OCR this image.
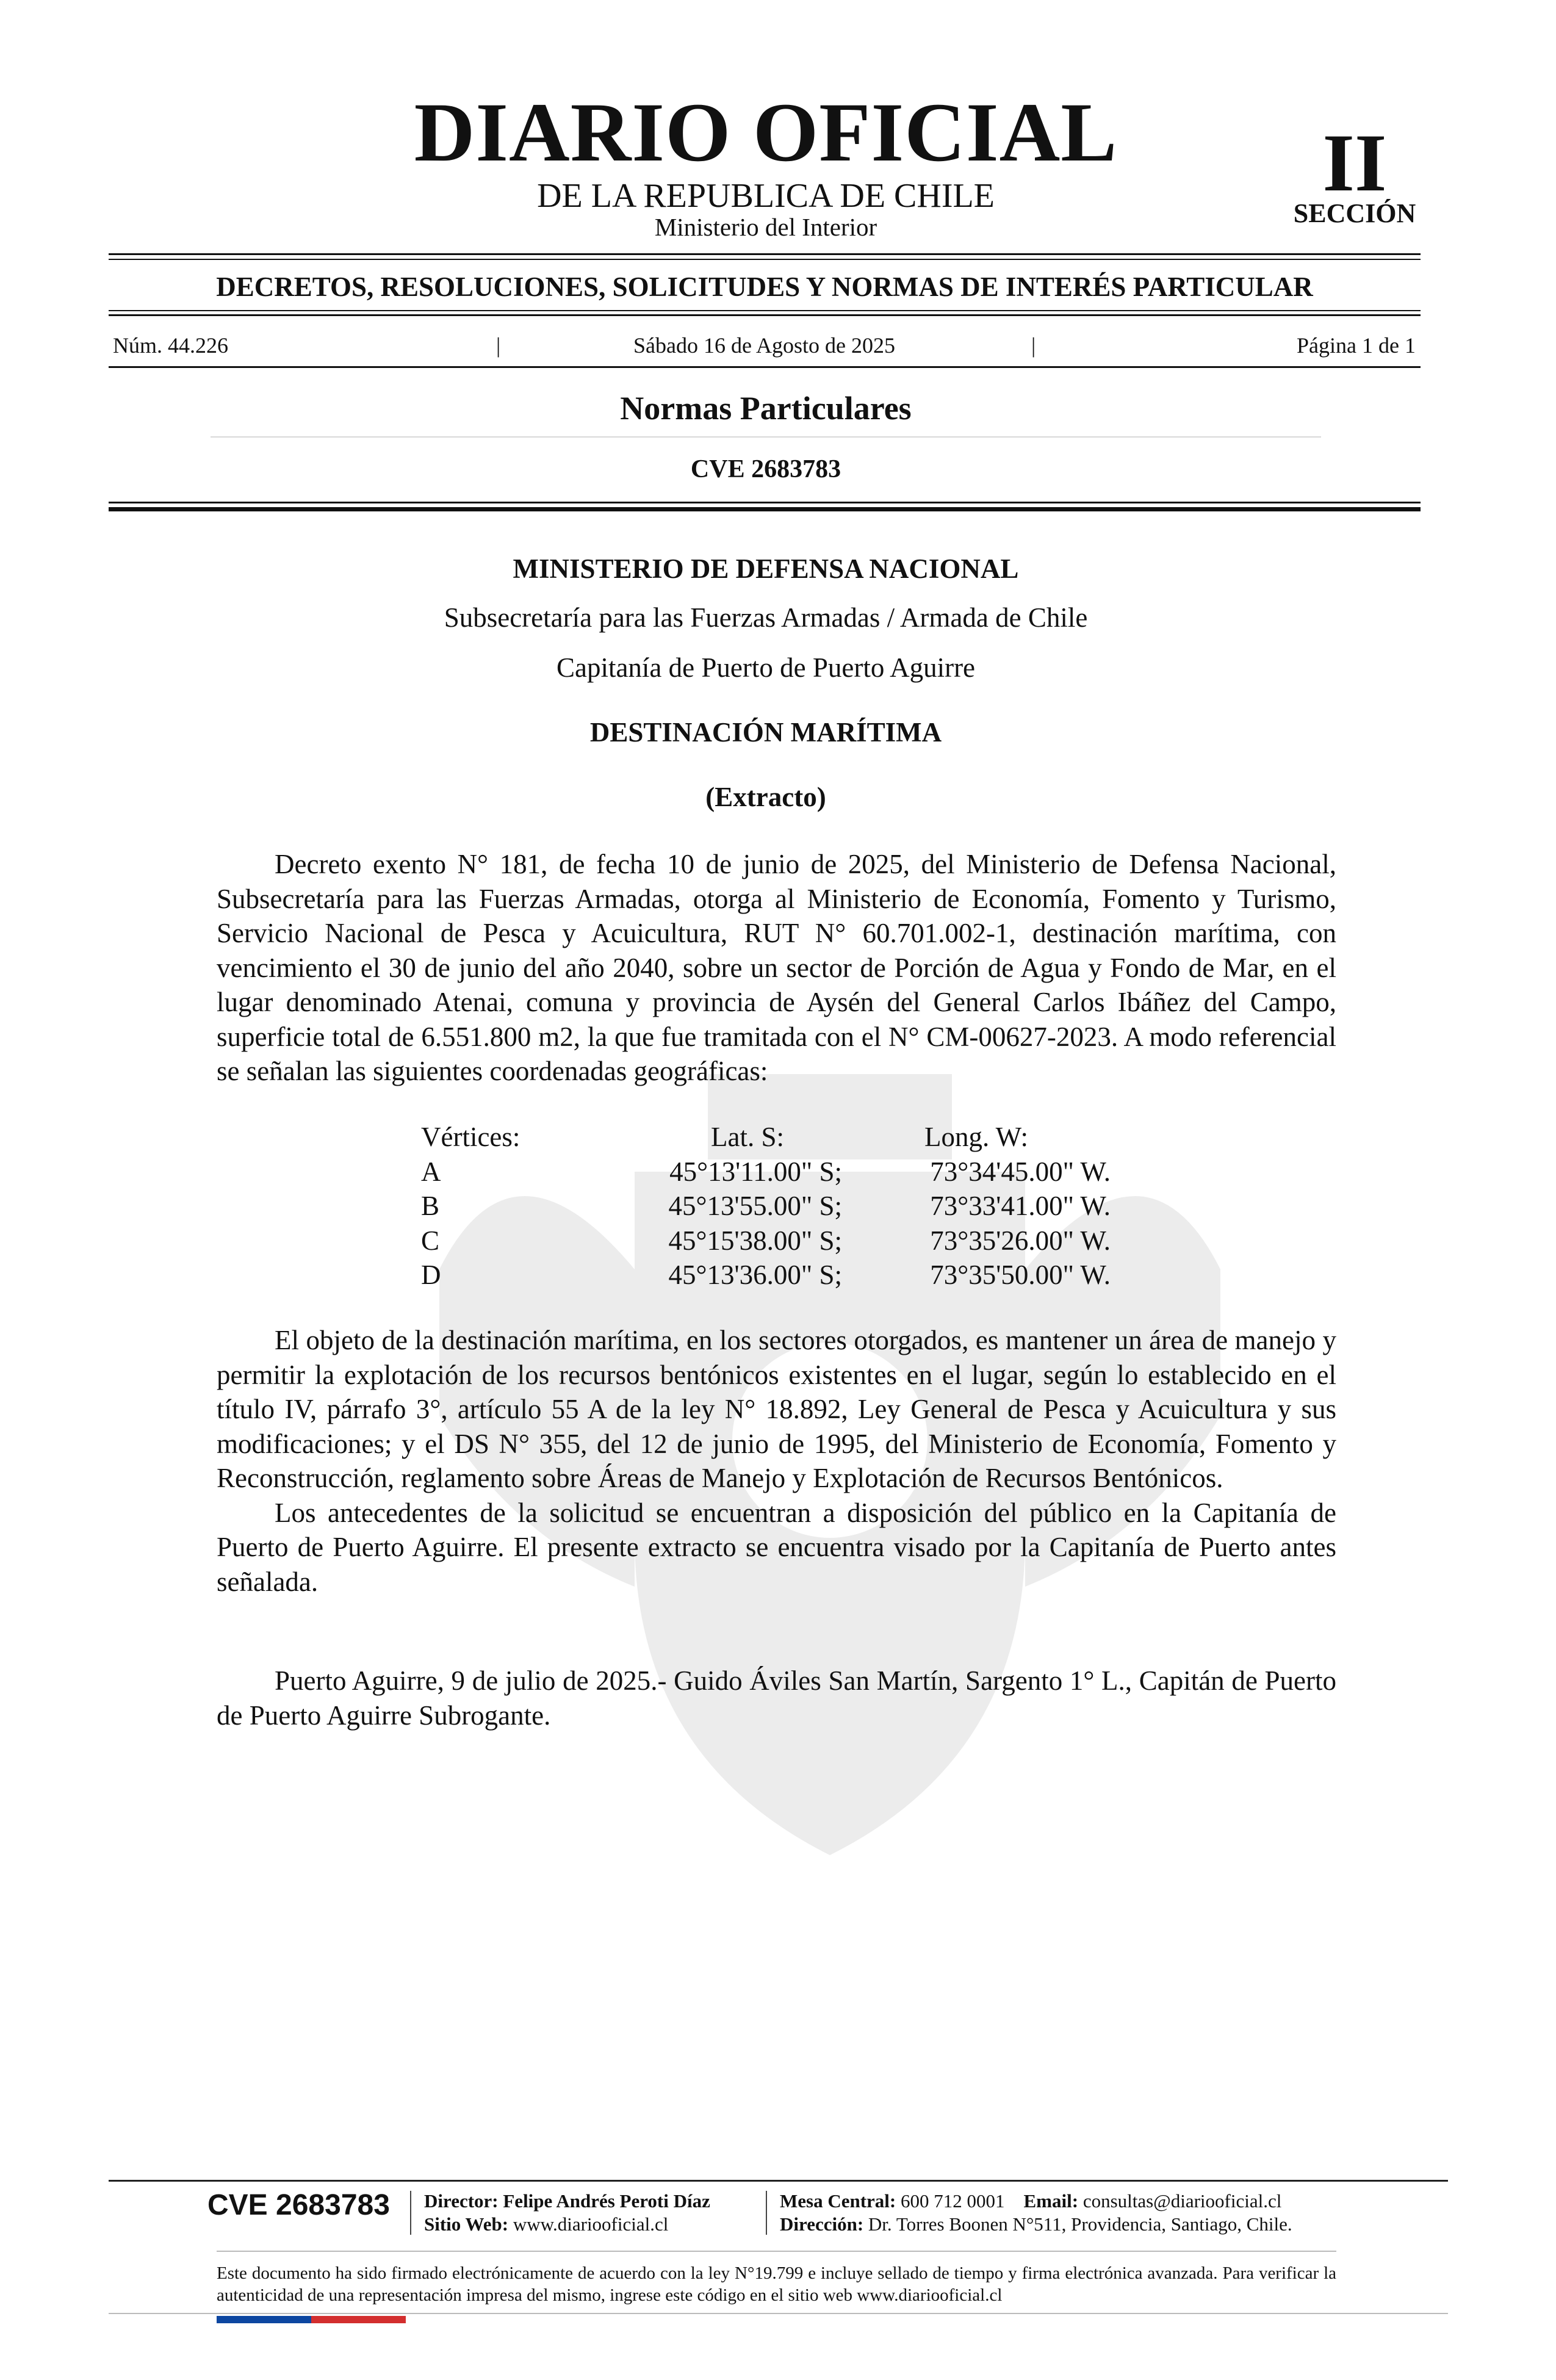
DIARIO OFICIAL
DE LA REPUBLICA DE CHILE
Ministerio del Interior
II
SECCIÓN
DECRETOS, RESOLUCIONES, SOLICITUDES Y NORMAS DE INTERÉS PARTICULAR
Núm. 44.226	|	Sábado 16 de Agosto de 2025	|	Página 1 de 1
Normas Particulares
CVE 2683783
MINISTERIO DE DEFENSA NACIONAL
Subsecretaría para las Fuerzas Armadas / Armada de Chile
Capitanía de Puerto de Puerto Aguirre
DESTINACIÓN MARÍTIMA
(Extracto)

Decreto exento N° 181, de fecha 10 de junio de 2025, del Ministerio de Defensa Nacional, Subsecretaría para las Fuerzas Armadas, otorga al Ministerio de Economía, Fomento y Turismo, Servicio Nacional de Pesca y Acuicultura, RUT N° 60.701.002-1, destinación marítima, con vencimiento el 30 de junio del año 2040, sobre un sector de Porción de Agua y Fondo de Mar, en el lugar denominado Atenai, comuna y provincia de Aysén del General Carlos Ibáñez del Campo, superficie total de 6.551.800 m2, la que fue tramitada con el N° CM-00627-2023. A modo referencial se señalan las siguientes coordenadas geográficas:

Vértices:	Lat. S:	Long. W:
A	45°13'11.00" S;	73°34'45.00" W.
B	45°13'55.00" S;	73°33'41.00" W.
C	45°15'38.00" S;	73°35'26.00" W.
D	45°13'36.00" S;	73°35'50.00" W.

El objeto de la destinación marítima, en los sectores otorgados, es mantener un área de manejo y permitir la explotación de los recursos bentónicos existentes en el lugar, según lo establecido en el título IV, párrafo 3°, artículo 55 A de la ley N° 18.892, Ley General de Pesca y Acuicultura y sus modificaciones; y el DS N° 355, del 12 de junio de 1995, del Ministerio de Economía, Fomento y Reconstrucción, reglamento sobre Áreas de Manejo y Explotación de Recursos Bentónicos.

Los antecedentes de la solicitud se encuentran a disposición del público en la Capitanía de Puerto de Puerto Aguirre. El presente extracto se encuentra visado por la Capitanía de Puerto antes señalada.

Puerto Aguirre, 9 de julio de 2025.- Guido Áviles San Martín, Sargento 1° L., Capitán de Puerto de Puerto Aguirre Subrogante.

CVE 2683783 Director: Felipe Andrés Peroti Díaz
Sitio Web: www.diariooficial.cl
Mesa Central: 600 712 0001 Email: consultas@diariooficial.cl
Dirección: Dr. Torres Boonen N°511, Providencia, Santiago, Chile.
Este documento ha sido firmado electrónicamente de acuerdo con la ley N°19.799 e incluye sellado de tiempo y firma electrónica avanzada. Para verificar la autenticidad de una representación impresa del mismo, ingrese este código en el sitio web www.diariooficial.cl
